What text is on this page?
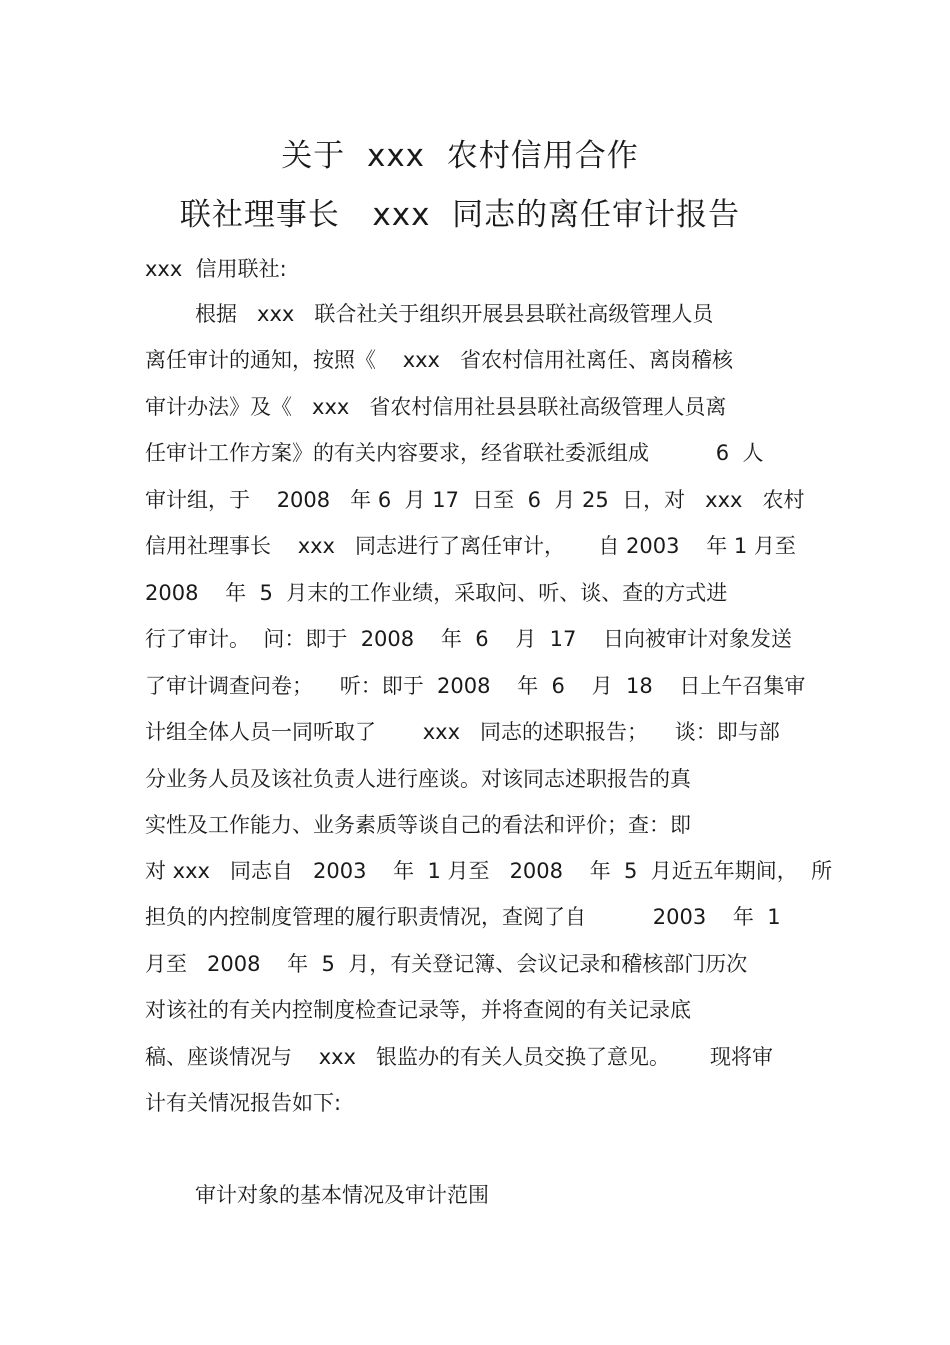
关于  xxx  农村信用合作
联社理事长   xxx  同志的离任审计报告
xxx  信用联社:
根据   xxx   联合社关于组织开展县县联社高级管理人员
离任审计的通知，按照《    xxx   省农村信用社离任、离岗稽核
审计办法》及《   xxx   省农村信用社县县联社高级管理人员离
任审计工作方案》的有关内容要求，经省联社委派组成          6  人
审计组，于    2008   年 6  月 17  日至  6  月 25  日，对   xxx   农村
信用社理事长    xxx   同志进行了离任审计，     自 2003    年 1 月至
2008    年  5  月末的工作业绩，采取问、听、谈、查的方式进
行了审计。  问：即于  2008    年  6    月  17    日向被审计对象发送
了审计调查问卷；    听：即于  2008    年  6    月  18    日上午召集审
计组全体人员一同听取了       xxx   同志的述职报告；    谈：即与部
分业务人员及该社负责人进行座谈。对该同志述职报告的真
实性及工作能力、业务素质等谈自己的看法和评价；查：即
对 xxx   同志自   2003    年  1 月至   2008    年  5  月近五年期间，  所
担负的内控制度管理的履行职责情况，查阅了自          2003    年  1
月至   2008    年  5  月，有关登记簿、会议记录和稽核部门历次
对该社的有关内控制度检查记录等，并将查阅的有关记录底
稿、座谈情况与    xxx   银监办的有关人员交换了意见。      现将审
计有关情况报告如下:
审计对象的基本情况及审计范围
